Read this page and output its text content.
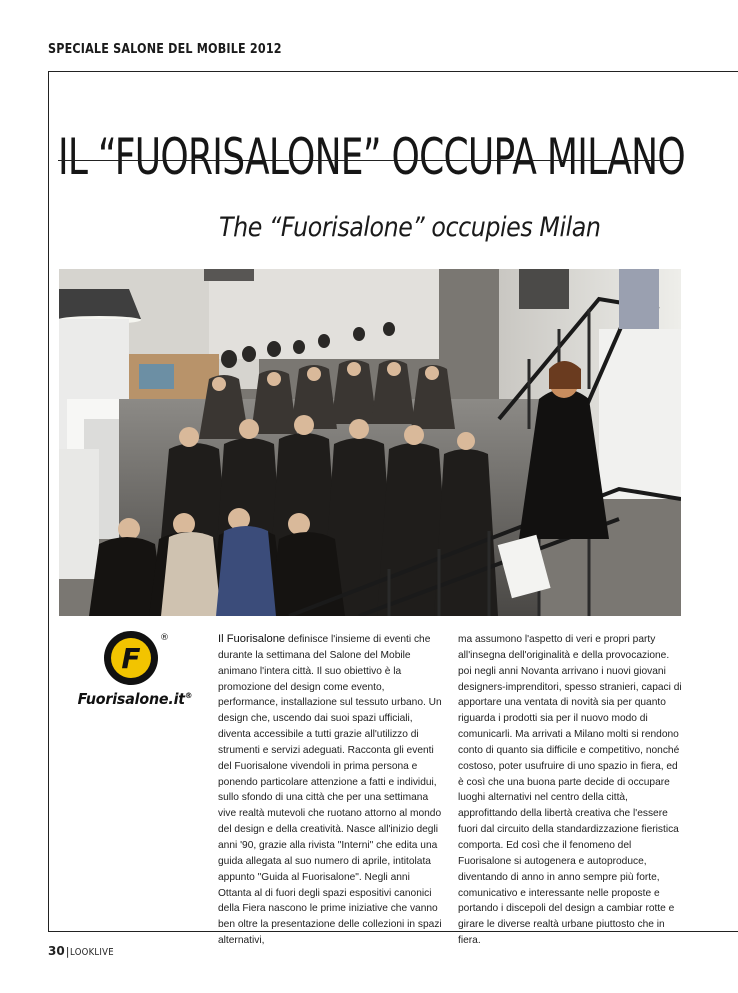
SPECIALE SALONE DEL MOBILE 2012
IL “FUORISALONE” OCCUPA MILANO
The “Fuorisalone” occupies Milan
F
®
Fuorisalone.it®

Il Fuorisalone definisce l'insieme di eventi che durante la settimana del Salone del Mobile animano l'intera città. Il suo obiettivo è la promozione del design come evento, performance, installazione sul tessuto urbano. Un design che, uscendo dai suoi spazi ufficiali, diventa accessibile a tutti grazie all'utilizzo di strumenti e servizi adeguati. Racconta gli eventi del Fuorisalone vivendoli in prima persona e ponendo particolare attenzione a fatti e individui, sullo sfondo di una città che per una settimana vive realtà mutevoli che ruotano attorno al mondo del design e della creatività. Nasce all'inizio degli anni '90, grazie alla rivista "Interni" che edita una guida allegata al suo numero di aprile, intitolata appunto "Guida al Fuorisalone". Negli anni Ottanta al di fuori degli spazi espositivi canonici della Fiera nascono le prime iniziative che vanno ben oltre la presentazione delle collezioni in spazi alternativi,

ma assumono l'aspetto di veri e propri party all'insegna dell'originalità e della provocazione. poi negli anni Novanta arrivano i nuovi giovani designers-imprenditori, spesso stranieri, capaci di apportare una ventata di novità sia per quanto riguarda i prodotti sia per il nuovo modo di comunicarli. Ma arrivati a Milano molti si rendono conto di quanto sia difficile e competitivo, nonché costoso, poter usufruire di uno spazio in fiera, ed è così che una buona parte decide di occupare luoghi alternativi nel centro della città, approfittando della libertà creativa che l'essere fuori dal circuito della standardizzazione fieristica comporta. Ed così che il fenomeno del Fuorisalone si autogenera e autoproduce, diventando di anno in anno sempre più forte, comunicativo e interessante nelle proposte e portando i discepoli del design a cambiar rotte e girare le diverse realtà urbane piuttosto che in fiera.

30|LOOKLIVE
